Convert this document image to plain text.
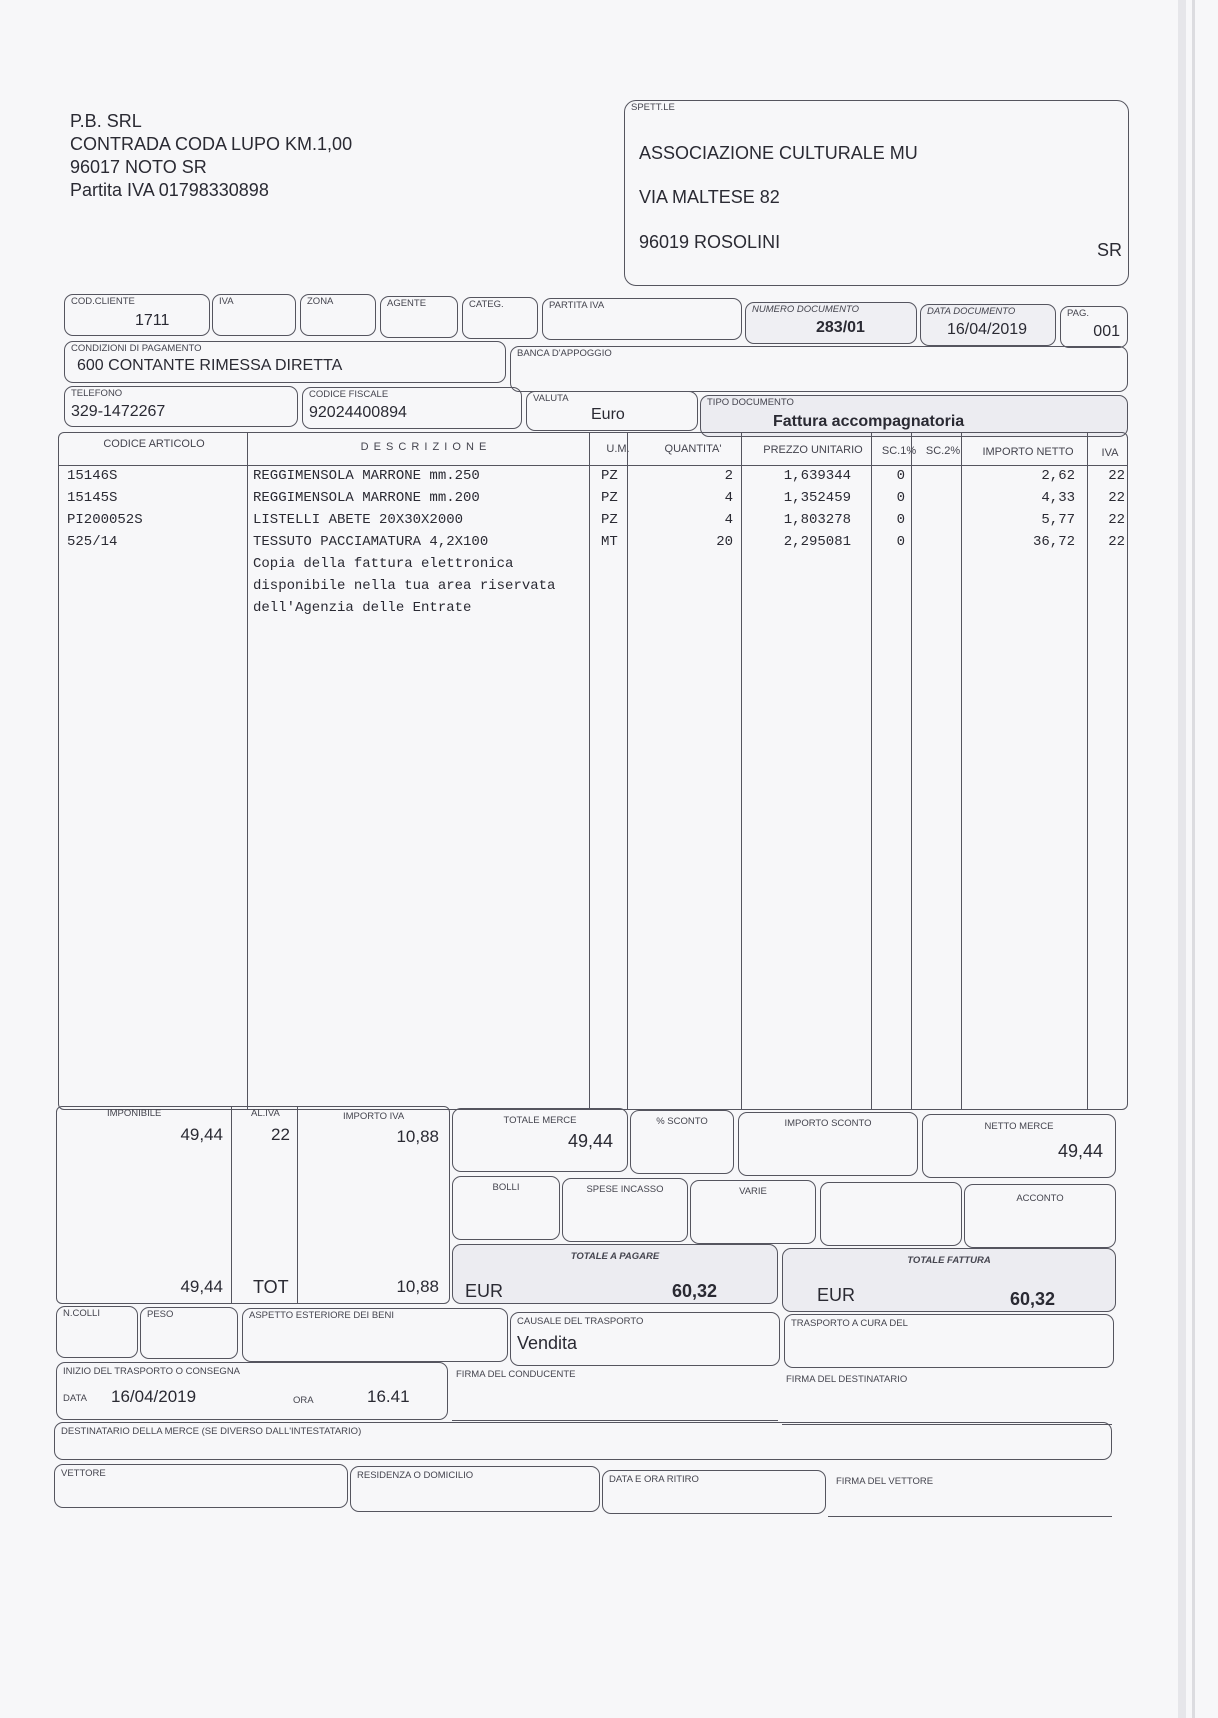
P.B. SRL
CONTRADA CODA LUPO KM.1,00
96017 NOTO SR
Partita IVA 01798330898
SPETT.LE
ASSOCIAZIONE CULTURALE MU
VIA MALTESE 82
96019 ROSOLINI	SR
COD.CLIENTE
1711
IVA	ZONA	AGENTE	CATEG.	PARTITA IVA	NUMERO DOCUMENTO
283/01
DATA DOCUMENTO
16/04/2019
PAG.
001
CONDIZIONI DI PAGAMENTO
600 CONTANTE RIMESSA DIRETTA
BANCA D'APPOGGIO
TELEFONO
329-1472267
CODICE FISCALE
92024400894
VALUTA
Euro
TIPO DOCUMENTO
Fattura accompagnatoria
CODICE ARTICOLO	D E S C R I Z I O N E	U.M.	QUANTITA'	PREZZO UNITARIO	SC.1% SC.2%	IMPORTO NETTO	IVA
15146S	REGGIMENSOLA MARRONE mm.250	PZ	2	1,639344	0	2,62	22
15145S	REGGIMENSOLA MARRONE mm.200	PZ	4	1,352459	0	4,33	22
PI200052S	LISTELLI ABETE 20X30X2000	PZ	4	1,803278	0	5,77	22
525/14	TESSUTO PACCIAMATURA 4,2X100	MT	20	2,295081	0	36,72	22
Copia della fattura elettronica
disponibile nella tua area riservata
dell'Agenzia delle Entrate
IMPONIBILE	AL.IVA	IMPORTO IVA
49,44	22	10,88
49,44 TOT	10,88
TOTALE MERCE
49,44
% SCONTO	IMPORTO SCONTO	NETTO MERCE
49,44
BOLLI	SPESE INCASSO	VARIE
ACCONTO
TOTALE A PAGARE
EUR	60,32
TOTALE FATTURA
EUR	60,32
N.COLLI	PESO	ASPETTO ESTERIORE DEI BENI
CAUSALE DEL TRASPORTO
Vendita
TRASPORTO A CURA DEL
INIZIO DEL TRASPORTO O CONSEGNA
DATA 16/04/2019	ORA	16.41
FIRMA DEL CONDUCENTE	FIRMA DEL DESTINATARIO
DESTINATARIO DELLA MERCE (SE DIVERSO DALL'INTESTATARIO)
VETTORE	RESIDENZA O DOMICILIO	DATA E ORA RITIRO	FIRMA DEL VETTORE
